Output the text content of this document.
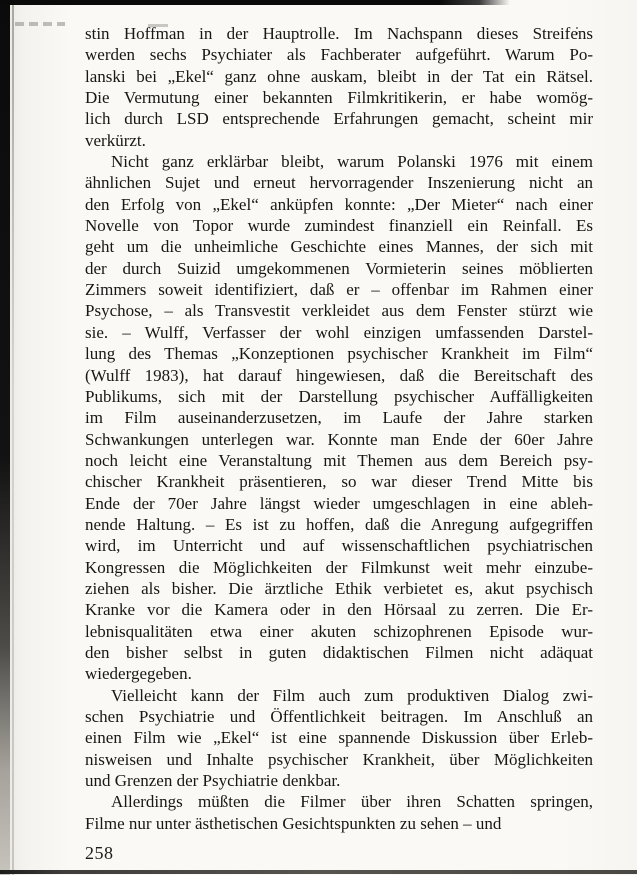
stin Hoffman in der Hauptrolle. Im Nachspann dieses Streifens
werden sechs Psychiater als Fachberater aufgeführt. Warum Po-
lanski bei „Ekel“ ganz ohne auskam, bleibt in der Tat ein Rätsel.
Die Vermutung einer bekannten Filmkritikerin, er habe womög-
lich durch LSD entsprechende Erfahrungen gemacht, scheint mir
verkürzt.
Nicht ganz erklärbar bleibt, warum Polanski 1976 mit einem
ähnlichen Sujet und erneut hervorragender Inszenierung nicht an
den Erfolg von „Ekel“ anküpfen konnte: „Der Mieter“ nach einer
Novelle von Topor wurde zumindest finanziell ein Reinfall. Es
geht um die unheimliche Geschichte eines Mannes, der sich mit
der durch Suizid umgekommenen Vormieterin seines möblierten
Zimmers soweit identifiziert, daß er – offenbar im Rahmen einer
Psychose, – als Transvestit verkleidet aus dem Fenster stürzt wie
sie. – Wulff, Verfasser der wohl einzigen umfassenden Darstel-
lung des Themas „Konzeptionen psychischer Krankheit im Film“
(Wulff 1983), hat darauf hingewiesen, daß die Bereitschaft des
Publikums, sich mit der Darstellung psychischer Auffälligkeiten
im Film auseinanderzusetzen, im Laufe der Jahre starken
Schwankungen unterlegen war. Konnte man Ende der 60er Jahre
noch leicht eine Veranstaltung mit Themen aus dem Bereich psy-
chischer Krankheit präsentieren, so war dieser Trend Mitte bis
Ende der 70er Jahre längst wieder umgeschlagen in eine ableh-
nende Haltung. – Es ist zu hoffen, daß die Anregung aufgegriffen
wird, im Unterricht und auf wissenschaftlichen psychiatrischen
Kongressen die Möglichkeiten der Filmkunst weit mehr einzube-
ziehen als bisher. Die ärztliche Ethik verbietet es, akut psychisch
Kranke vor die Kamera oder in den Hörsaal zu zerren. Die Er-
lebnisqualitäten etwa einer akuten schizophrenen Episode wur-
den bisher selbst in guten didaktischen Filmen nicht adäquat
wiedergegeben.
Vielleicht kann der Film auch zum produktiven Dialog zwi-
schen Psychiatrie und Öffentlichkeit beitragen. Im Anschluß an
einen Film wie „Ekel“ ist eine spannende Diskussion über Erleb-
nisweisen und Inhalte psychischer Krankheit, über Möglichkeiten
und Grenzen der Psychiatrie denkbar.
Allerdings müßten die Filmer über ihren Schatten springen,
Filme nur unter ästhetischen Gesichtspunkten zu sehen – und
258
